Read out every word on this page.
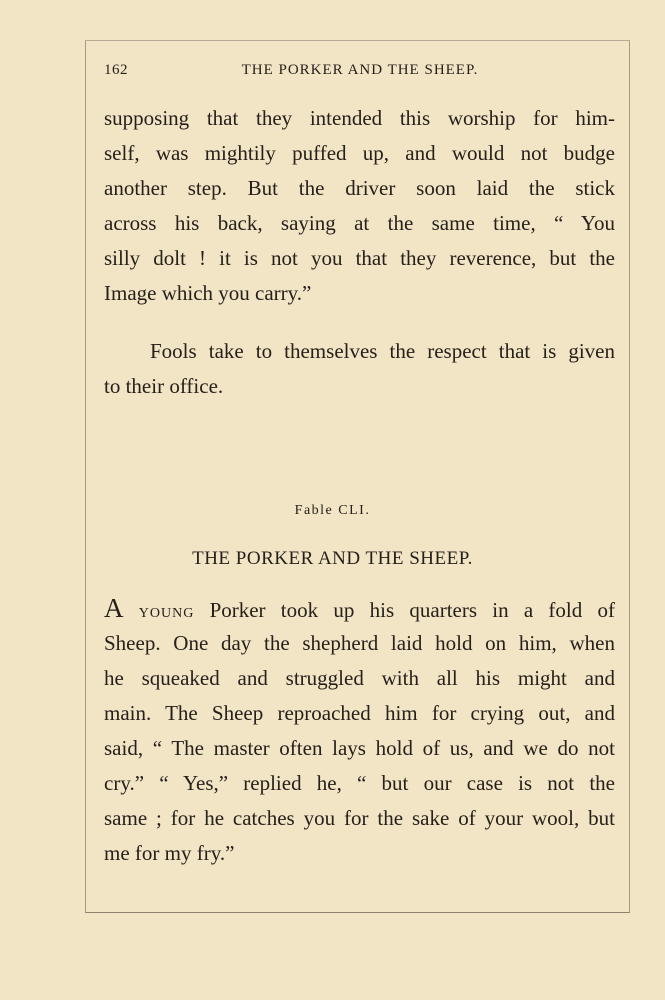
162	THE PORKER AND THE SHEEP.
supposing that they intended this worship for him-
self, was mightily puffed up, and would not budge
another step. But the driver soon laid the stick
across his back, saying at the same time, “ You
silly dolt ! it is not you that they reverence, but the
Image which you carry.”
Fools take to themselves the respect that is given
to their office.
Fable CLI.
THE PORKER AND THE SHEEP.
A YOUNG Porker took up his quarters in a fold of
Sheep. One day the shepherd laid hold on him, when
he squeaked and struggled with all his might and
main. The Sheep reproached him for crying out, and
said, “ The master often lays hold of us, and we do not
cry.” “ Yes,” replied he, “ but our case is not the
same ; for he catches you for the sake of your wool, but
me for my fry.”
